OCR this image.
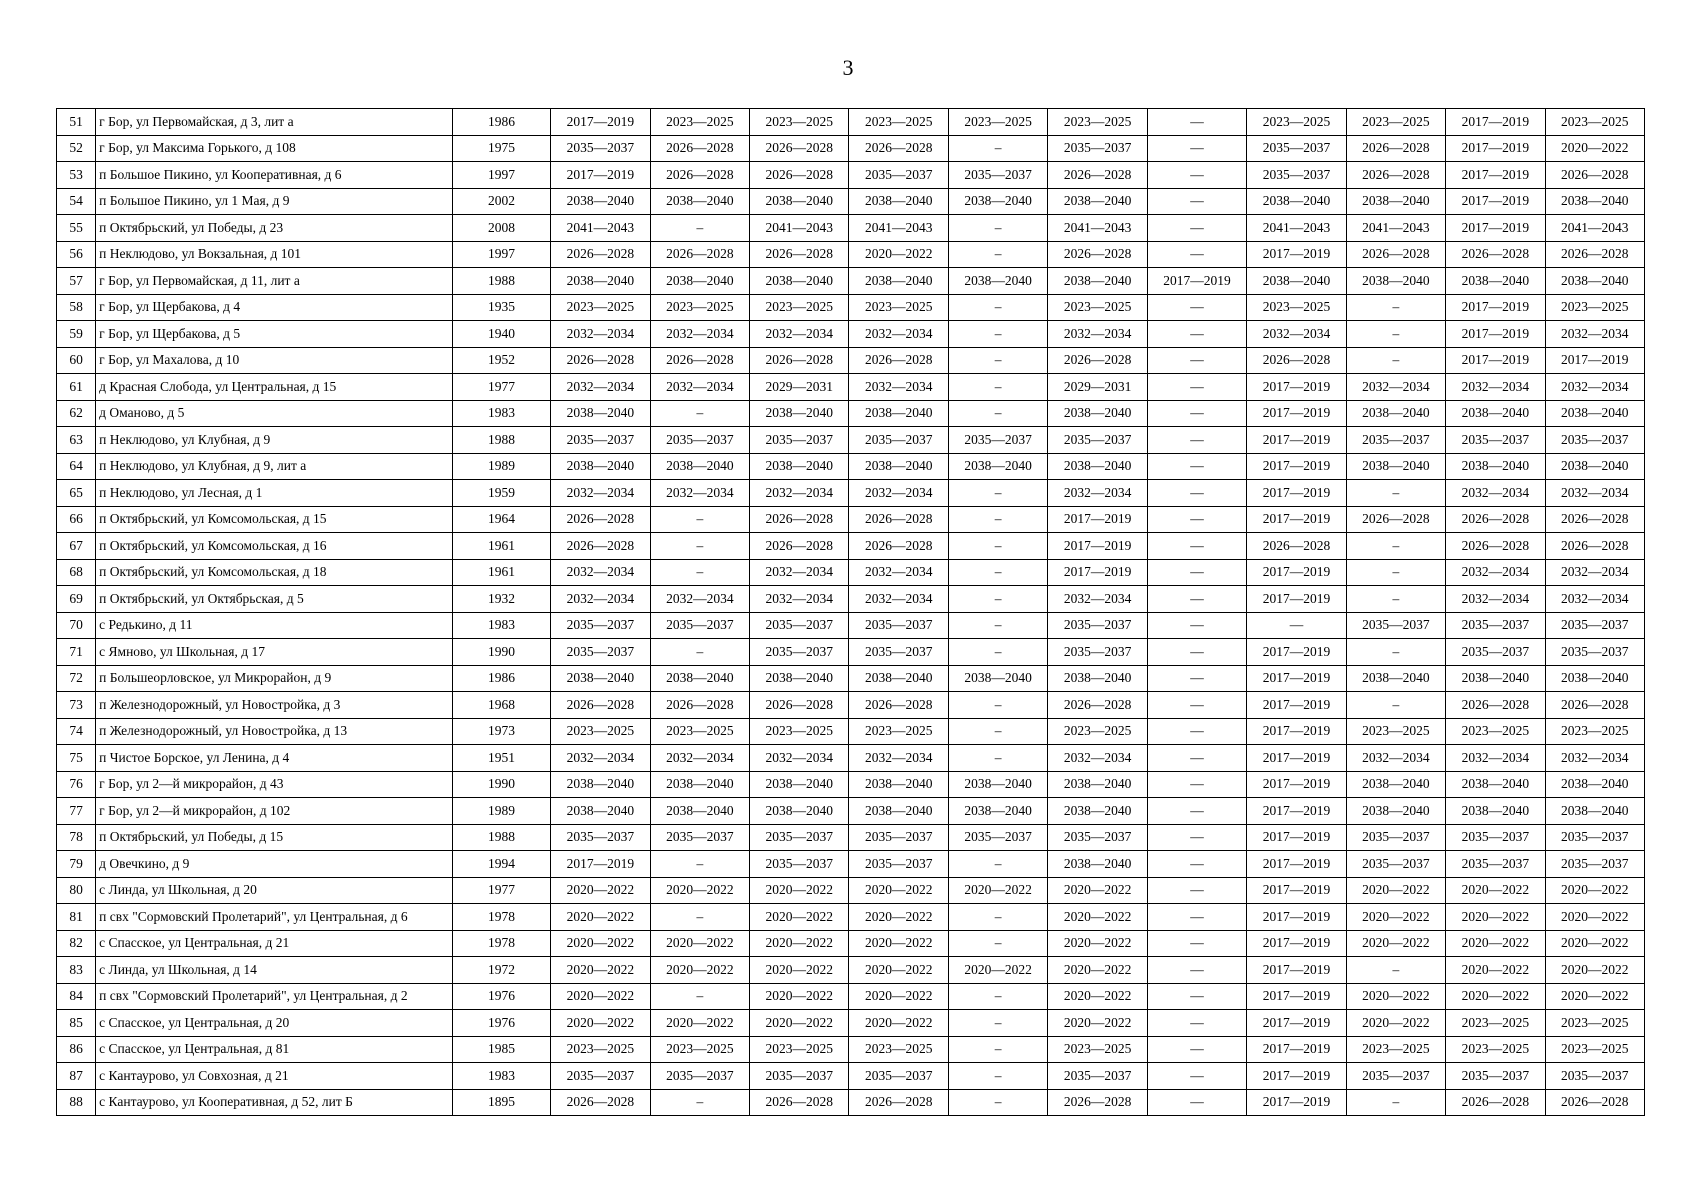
3
51	г Бор, ул Первомайская, д 3, лит а	1986	2017—2019	2023—2025	2023—2025	2023—2025	2023—2025	2023—2025	—	2023—2025	2023—2025	2017—2019	2023—2025
52	г Бор, ул Максима Горького, д 108	1975	2035—2037	2026—2028	2026—2028	2026—2028	–	2035—2037	—	2035—2037	2026—2028	2017—2019	2020—2022
53	п Большое Пикино, ул Кооперативная, д 6	1997	2017—2019	2026—2028	2026—2028	2035—2037	2035—2037	2026—2028	—	2035—2037	2026—2028	2017—2019	2026—2028
54	п Большое Пикино, ул 1 Мая, д 9	2002	2038—2040	2038—2040	2038—2040	2038—2040	2038—2040	2038—2040	—	2038—2040	2038—2040	2017—2019	2038—2040
55	п Октябрьский, ул Победы, д 23	2008	2041—2043	–	2041—2043	2041—2043	–	2041—2043	—	2041—2043	2041—2043	2017—2019	2041—2043
56	п Неклюдово, ул Вокзальная, д 101	1997	2026—2028	2026—2028	2026—2028	2020—2022	–	2026—2028	—	2017—2019	2026—2028	2026—2028	2026—2028
57	г Бор, ул Первомайская, д 11, лит а	1988	2038—2040	2038—2040	2038—2040	2038—2040	2038—2040	2038—2040	2017—2019	2038—2040	2038—2040	2038—2040	2038—2040
58	г Бор, ул Щербакова, д 4	1935	2023—2025	2023—2025	2023—2025	2023—2025	–	2023—2025	—	2023—2025	–	2017—2019	2023—2025
59	г Бор, ул Щербакова, д 5	1940	2032—2034	2032—2034	2032—2034	2032—2034	–	2032—2034	—	2032—2034	–	2017—2019	2032—2034
60	г Бор, ул Махалова, д 10	1952	2026—2028	2026—2028	2026—2028	2026—2028	–	2026—2028	—	2026—2028	–	2017—2019	2017—2019
61	д Красная Слобода, ул Центральная, д 15	1977	2032—2034	2032—2034	2029—2031	2032—2034	–	2029—2031	—	2017—2019	2032—2034	2032—2034	2032—2034
62	д Оманово, д 5	1983	2038—2040	–	2038—2040	2038—2040	–	2038—2040	—	2017—2019	2038—2040	2038—2040	2038—2040
63	п Неклюдово, ул Клубная, д 9	1988	2035—2037	2035—2037	2035—2037	2035—2037	2035—2037	2035—2037	—	2017—2019	2035—2037	2035—2037	2035—2037
64	п Неклюдово, ул Клубная, д 9, лит а	1989	2038—2040	2038—2040	2038—2040	2038—2040	2038—2040	2038—2040	—	2017—2019	2038—2040	2038—2040	2038—2040
65	п Неклюдово, ул Лесная, д 1	1959	2032—2034	2032—2034	2032—2034	2032—2034	–	2032—2034	—	2017—2019	–	2032—2034	2032—2034
66	п Октябрьский, ул Комсомольская, д 15	1964	2026—2028	–	2026—2028	2026—2028	–	2017—2019	—	2017—2019	2026—2028	2026—2028	2026—2028
67	п Октябрьский, ул Комсомольская, д 16	1961	2026—2028	–	2026—2028	2026—2028	–	2017—2019	—	2026—2028	–	2026—2028	2026—2028
68	п Октябрьский, ул Комсомольская, д 18	1961	2032—2034	–	2032—2034	2032—2034	–	2017—2019	—	2017—2019	–	2032—2034	2032—2034
69	п Октябрьский, ул Октябрьская, д 5	1932	2032—2034	2032—2034	2032—2034	2032—2034	–	2032—2034	—	2017—2019	–	2032—2034	2032—2034
70	с Редькино, д 11	1983	2035—2037	2035—2037	2035—2037	2035—2037	–	2035—2037	—	—	2035—2037	2035—2037	2035—2037
71	с Ямново, ул Школьная, д 17	1990	2035—2037	–	2035—2037	2035—2037	–	2035—2037	—	2017—2019	–	2035—2037	2035—2037
72	п Большеорловское, ул Микрорайон, д 9	1986	2038—2040	2038—2040	2038—2040	2038—2040	2038—2040	2038—2040	—	2017—2019	2038—2040	2038—2040	2038—2040
73	п Железнодорожный, ул Новостройка, д 3	1968	2026—2028	2026—2028	2026—2028	2026—2028	–	2026—2028	—	2017—2019	–	2026—2028	2026—2028
74	п Железнодорожный, ул Новостройка, д 13	1973	2023—2025	2023—2025	2023—2025	2023—2025	–	2023—2025	—	2017—2019	2023—2025	2023—2025	2023—2025
75	п Чистое Борское, ул Ленина, д 4	1951	2032—2034	2032—2034	2032—2034	2032—2034	–	2032—2034	—	2017—2019	2032—2034	2032—2034	2032—2034
76	г Бор, ул 2—й микрорайон, д 43	1990	2038—2040	2038—2040	2038—2040	2038—2040	2038—2040	2038—2040	—	2017—2019	2038—2040	2038—2040	2038—2040
77	г Бор, ул 2—й микрорайон, д 102	1989	2038—2040	2038—2040	2038—2040	2038—2040	2038—2040	2038—2040	—	2017—2019	2038—2040	2038—2040	2038—2040
78	п Октябрьский, ул Победы, д 15	1988	2035—2037	2035—2037	2035—2037	2035—2037	2035—2037	2035—2037	—	2017—2019	2035—2037	2035—2037	2035—2037
79	д Овечкино, д 9	1994	2017—2019	–	2035—2037	2035—2037	–	2038—2040	—	2017—2019	2035—2037	2035—2037	2035—2037
80	с Линда, ул Школьная, д 20	1977	2020—2022	2020—2022	2020—2022	2020—2022	2020—2022	2020—2022	—	2017—2019	2020—2022	2020—2022	2020—2022
81	п свх "Сормовский Пролетарий", ул Центральная, д 6	1978	2020—2022	–	2020—2022	2020—2022	–	2020—2022	—	2017—2019	2020—2022	2020—2022	2020—2022
82	с Спасское, ул Центральная, д 21	1978	2020—2022	2020—2022	2020—2022	2020—2022	–	2020—2022	—	2017—2019	2020—2022	2020—2022	2020—2022
83	с Линда, ул Школьная, д 14	1972	2020—2022	2020—2022	2020—2022	2020—2022	2020—2022	2020—2022	—	2017—2019	–	2020—2022	2020—2022
84	п свх "Сормовский Пролетарий", ул Центральная, д 2	1976	2020—2022	–	2020—2022	2020—2022	–	2020—2022	—	2017—2019	2020—2022	2020—2022	2020—2022
85	с Спасское, ул Центральная, д 20	1976	2020—2022	2020—2022	2020—2022	2020—2022	–	2020—2022	—	2017—2019	2020—2022	2023—2025	2023—2025
86	с Спасское, ул Центральная, д 81	1985	2023—2025	2023—2025	2023—2025	2023—2025	–	2023—2025	—	2017—2019	2023—2025	2023—2025	2023—2025
87	с Кантаурово, ул Совхозная, д 21	1983	2035—2037	2035—2037	2035—2037	2035—2037	–	2035—2037	—	2017—2019	2035—2037	2035—2037	2035—2037
88	с Кантаурово, ул Кооперативная, д 52, лит Б	1895	2026—2028	–	2026—2028	2026—2028	–	2026—2028	—	2017—2019	–	2026—2028	2026—2028
